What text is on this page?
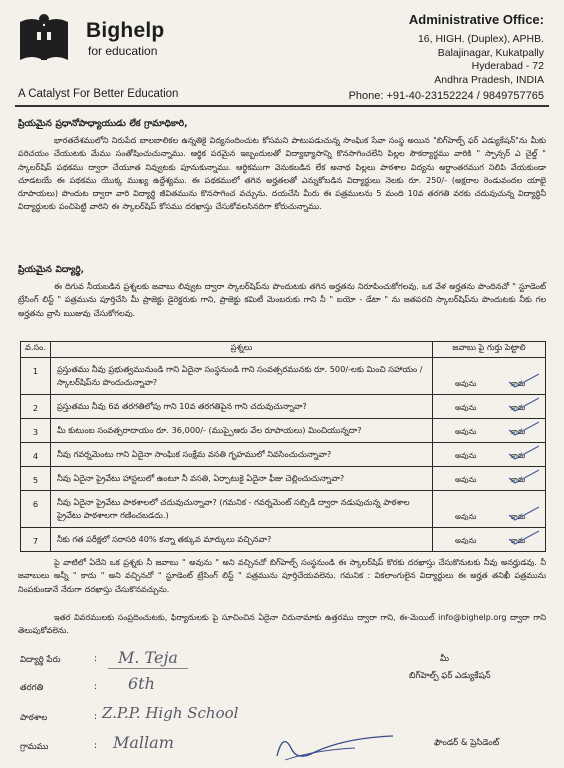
Bighelp
for education
A Catalyst For Better Education
Administrative Office:
16, HIGH. (Duplex), APHB.
Balajinagar, Kukatpally
Hyderabad - 72
Andhra Pradesh, INDIA
Phone: +91-40-23152224 / 9849757765
ప్రియమైన ప్రధానోపాధ్యాయుడు లేక గ్రామాధికారి,

భారతదేశములోని నిరుపేద బాలబాలికల ఉన్నతికై విద్యనందించుట కోసమని పాటుపడుచున్న సాంఘిక సేవా సంస్థ అయిన "బిగ్‌హెల్ప్ ఫర్ ఎడ్యుకేషన్"ను మీకు పరిచయం చేయుటకు మేము సంతోషించుచున్నాము. ఆర్థిక పరమైన ఇబ్బందులతో విద్యాభ్యాసాన్ని కొనసాగించలేని పిల్లల సౌకర్యార్థము వారికి " స్పాన్సర్ ఎ చైల్డ్ " స్కాలర్‌షిప్ పథకము ద్వారా చేయూత నివ్వుటకు పూనుకున్నాము. ఆర్థికముగా వెనుకబడిన లేక అనాథ పిల్లలు పాఠశాల విద్యను అర్థాంతరముగ నిలిపి వేయకుండా చూడటయే ఈ పథకము యొక్క ముఖ్య ఉద్దేశ్యము. ఈ పథకములో తగిన అర్హతలతో ఎన్నుకోబడిన విద్యార్థులు నెలకు రూ. 250/- (అక్షరాల రెండువందల యాభై రూపాయలు) పొందుట ద్వారా వారి విద్యార్థి జీవితమును కొనసాగించ వచ్చును. దయచేసి మీరు ఈ పత్రములను 5 మంది 10వ తరగతి వరకు చదువుచున్న విద్యార్థినీ విద్యార్థులకు పంచిపెట్టి వారిని ఈ స్కాలర్‌షిప్ కోసము దరఖాస్తు చేసుకోవలసినదిగా కోరుచున్నాము.

ప్రియమైన విద్యార్థి,

ఈ దిగువ నీయబడిన ప్రశ్నలకు జవాబు లివ్వుట ద్వారా స్కాలర్‌షిప్‌ను పొందుటకు తగిన అర్హతను నిరూపించుకోగలవు. ఒక వేళ అర్హతను పొందినచో " స్టూడెంట్ ట్రేసింగ్ లిస్ట్ " పత్రమును పూర్తిచేసి మీ ప్రాజెక్టు డైరెక్టరుకు గాని, ప్రాజెక్టు కమిటీ మెంబరుకు గాని నీ " బయో - డేటా " ను జతపరచి స్కాలర్‌షిప్‌ను పొందుటకు నీకు గల అర్హతను వ్రాసి ఋజువు చేసుకోగలవు.

వ.సం.	ప్రశ్నలు	జవాబు పై గుర్తు పెట్టాలి
1	ప్రస్తుతము నీవు ప్రభుత్వమునుండి గాని ఏదైనా సంస్థనుండి గాని సంవత్సరమునకు రూ. 500/-లకు మించి సహాయం / స్కాలర్‌షిప్‌ను పొందుచున్నావా?	అవును కాదు

2	ప్రస్తుతము నీవు 6వ తరగతిలోపు గాని 10వ తరగతిపైన గాని చదువుచున్నావా?	అవును కాదు

3	మీ కుటుంబ సంవత్సరాదాయం రూ. 36,000/- (ముప్పైఆరు వేల రూపాయలు) మించియున్నదా?	అవును కాదు

4	నీవు గవర్నమెంటు గాని ఏదైనా సాంఘిక సంక్షేమ వసతి గృహములో నివసించుచున్నావా?	అవును కాదు

5	నీవు ఏదైనా ప్రైవేటు హాస్టలులో ఉంటూ నీ వసతి, ఏర్పాటుకై ఏదైనా ఫీజు చెల్లించుచున్నావా?	అవును కాదు

6	నీవు ఏదైనా ప్రైవేటు పాఠశాలలో చదువుచున్నావా? (గమనిక - గవర్నమెంట్ సబ్సిడీ ద్వారా నడుపుచున్న పాఠశాల ప్రైవేటు పాఠశాలగా గణించబడదు.)	అవును కాదు

7	నీకు గత పరీక్షలో సరాసరి 40% కన్నా తక్కువ మార్కులు వచ్చినవా?	అవును కాదు

పై వాటిలో ఏదేని ఒక ప్రశ్నకు నీ జవాబు " అవును " అని వచ్చినచో బిగ్‌హెల్ప్ సంస్థనుండి ఈ స్కాలర్‌షిప్ కొరకు దరఖాస్తు చేసుకొనుటకు నీవు అనర్హుడవు. నీ జవాబులు అన్నీ " కాదు " అని వచ్చినచో " స్టూడెంట్ ట్రేసింగ్ లిస్ట్ " పత్రమును పూర్తిచేయవలెను. గమనిక : వికలాంగులైన విద్యార్థులు ఈ అర్హత తనిఖీ పత్రమును నింపకుండానే నేరుగా దరఖాస్తు చేసుకొనవచ్చును.

ఇతర వివరములకు సంప్రదించుటకు, ఫిర్యాదులకు పై సూచించిన ఏదైనా చిరునామాకు ఉత్తరము ద్వారా గాని, ఈ-మెయిల్ info@bighelp.org ద్వారా గాని తెలుపుకోవలెను.

విద్యార్థి పేరు	: M. Teja
తరగతి	: 6th
పాఠశాల	: Z.P.P. High School
గ్రామము	: Mallam
మీ
బిగ్‌హెల్ప్ ఫర్ ఎడ్యుకేషన్
ఫౌండర్ & ప్రెసిడెంట్
